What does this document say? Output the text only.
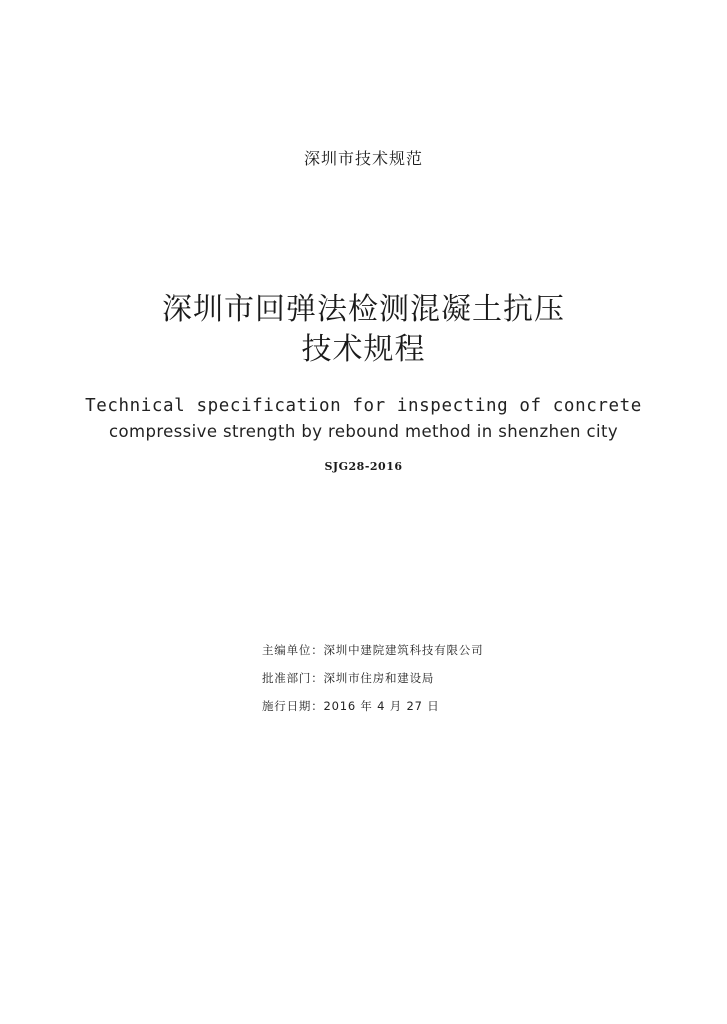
深圳市技术规范
深圳市回弹法检测混凝土抗压
技术规程
Technical specification for inspecting of concrete
compressive strength by rebound method in shenzhen city
SJG28-2016
主编单位：深圳中建院建筑科技有限公司
批准部门：深圳市住房和建设局
施行日期：2016 年 4 月 27 日
